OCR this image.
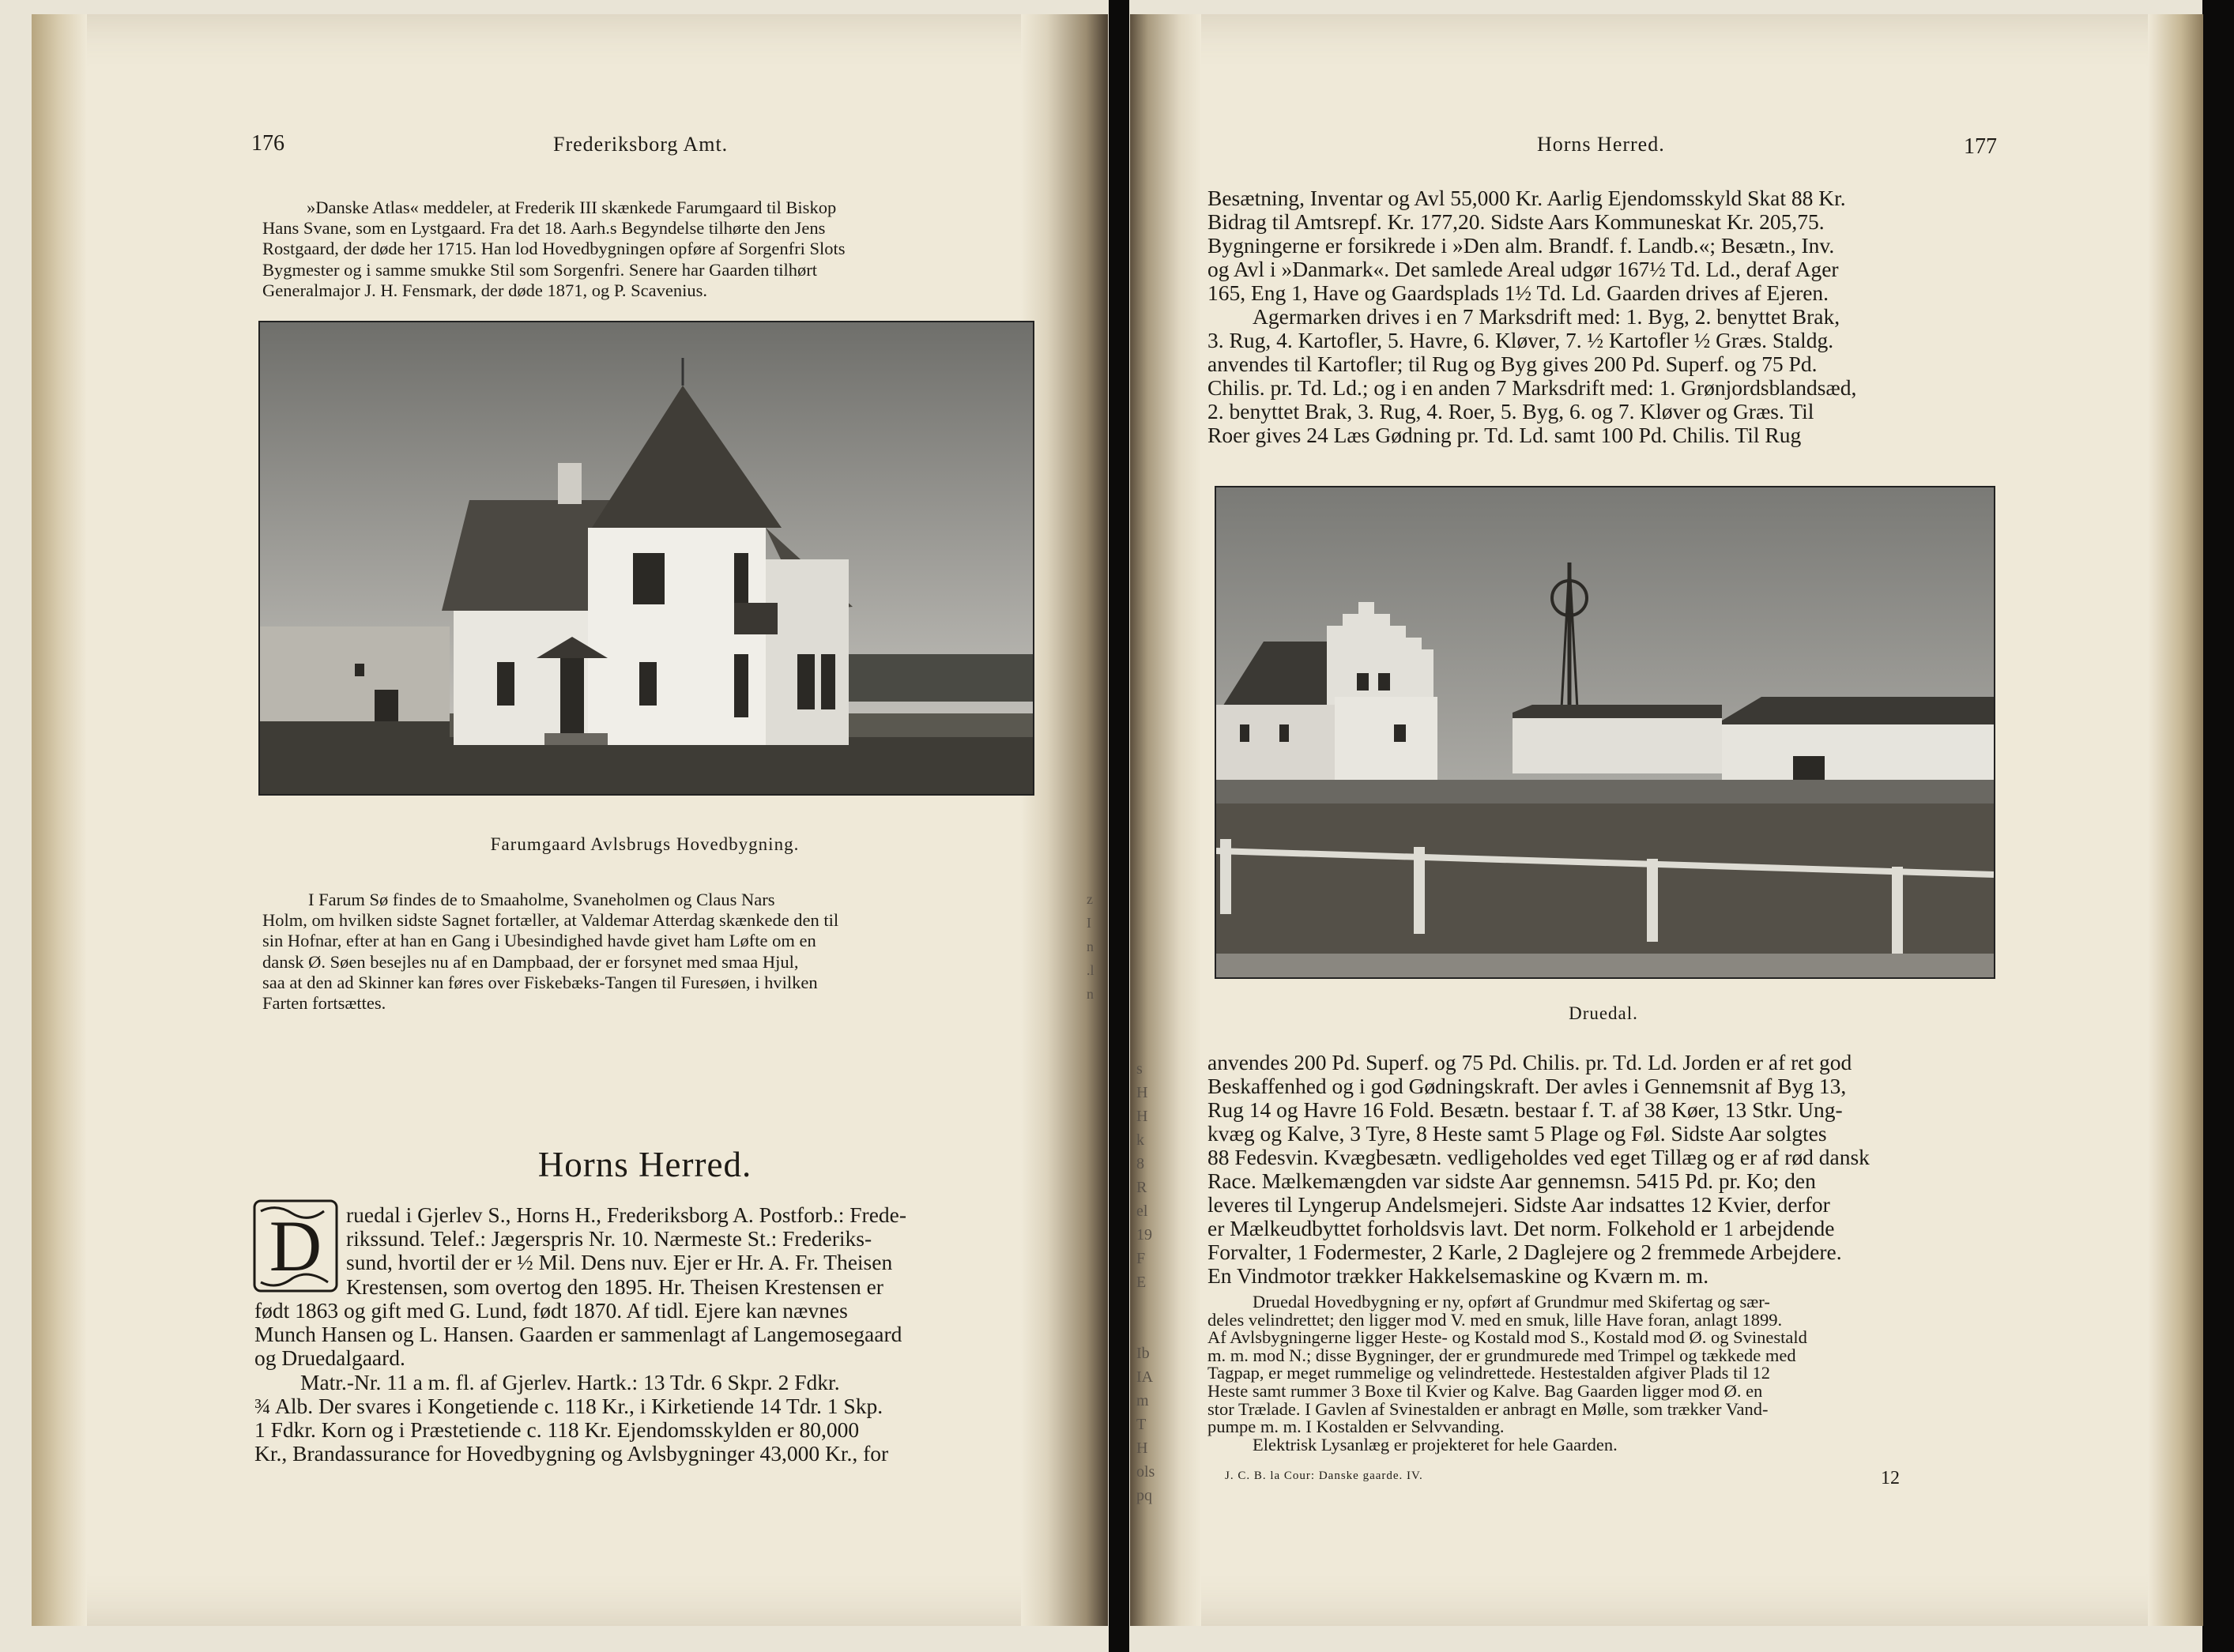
176	Frederiksborg Amt.
»Danske Atlas« meddeler, at Frederik III skænkede Farumgaard til Biskop
Hans Svane, som en Lystgaard. Fra det 18. Aarh.s Begyndelse tilhørte den Jens
Rostgaard, der døde her 1715. Han lod Hovedbygningen opføre af Sorgenfri Slots
Bygmester og i samme smukke Stil som Sorgenfri. Senere har Gaarden tilhørt
Generalmajor J. H. Fensmark, der døde 1871, og P. Scavenius.
Farumgaard Avlsbrugs Hovedbygning.
I Farum Sø findes de to Smaaholme, Svaneholmen og Claus Nars
Holm, om hvilken sidste Sagnet fortæller, at Valdemar Atterdag skænkede den til
sin Hofnar, efter at han en Gang i Ubesindighed havde givet ham Løfte om en
dansk Ø. Søen besejles nu af en Dampbaad, der er forsynet med smaa Hjul,
saa at den ad Skinner kan føres over Fiskebæks-Tangen til Furesøen, i hvilken
Farten fortsættes.
Horns Herred.
D ruedal i Gjerlev S., Horns H., Frederiksborg A. Postforb.: Frede-
rikssund. Telef.: Jægerspris Nr. 10. Nærmeste St.: Frederiks-
sund, hvortil der er ½ Mil. Dens nuv. Ejer er Hr. A. Fr. Theisen
Krestensen, som overtog den 1895. Hr. Theisen Krestensen er
født 1863 og gift med G. Lund, født 1870. Af tidl. Ejere kan nævnes
Munch Hansen og L. Hansen. Gaarden er sammenlagt af Langemosegaard
og Druedalgaard.
Matr.-Nr. 11 a m. fl. af Gjerlev. Hartk.: 13 Tdr. 6 Skpr. 2 Fdkr.
¾ Alb. Der svares i Kongetiende c. 118 Kr., i Kirketiende 14 Tdr. 1 Skp.
1 Fdkr. Korn og i Præstetiende c. 118 Kr. Ejendomsskylden er 80,000
Kr., Brandassurance for Hovedbygning og Avlsbygninger 43,000 Kr., for
z
I
n
.l
n
Horns Herred.	177
Besætning, Inventar og Avl 55,000 Kr. Aarlig Ejendomsskyld Skat 88 Kr.
Bidrag til Amtsrepf. Kr. 177,20. Sidste Aars Kommuneskat Kr. 205,75.
Bygningerne er forsikrede i »Den alm. Brandf. f. Landb.«; Besætn., Inv.
og Avl i »Danmark«. Det samlede Areal udgør 167½ Td. Ld., deraf Ager
165, Eng 1, Have og Gaardsplads 1½ Td. Ld. Gaarden drives af Ejeren.
Agermarken drives i en 7 Marksdrift med: 1. Byg, 2. benyttet Brak,
3. Rug, 4. Kartofler, 5. Havre, 6. Kløver, 7. ½ Kartofler ½ Græs. Staldg.
anvendes til Kartofler; til Rug og Byg gives 200 Pd. Superf. og 75 Pd.
Chilis. pr. Td. Ld.; og i en anden 7 Marksdrift med: 1. Grønjordsblandsæd,
2. benyttet Brak, 3. Rug, 4. Roer, 5. Byg, 6. og 7. Kløver og Græs. Til
Roer gives 24 Læs Gødning pr. Td. Ld. samt 100 Pd. Chilis. Til Rug
Druedal.
anvendes 200 Pd. Superf. og 75 Pd. Chilis. pr. Td. Ld. Jorden er af ret god
Beskaffenhed og i god Gødningskraft. Der avles i Gennemsnit af Byg 13,
Rug 14 og Havre 16 Fold. Besætn. bestaar f. T. af 38 Køer, 13 Stkr. Ung-
kvæg og Kalve, 3 Tyre, 8 Heste samt 5 Plage og Føl. Sidste Aar solgtes
88 Fedesvin. Kvægbesætn. vedligeholdes ved eget Tillæg og er af rød dansk
Race. Mælkemængden var sidste Aar gennemsn. 5415 Pd. pr. Ko; den
leveres til Lyngerup Andelsmejeri. Sidste Aar indsattes 12 Kvier, derfor
er Mælkeudbyttet forholdsvis lavt. Det norm. Folkehold er 1 arbejdende
Forvalter, 1 Fodermester, 2 Karle, 2 Daglejere og 2 fremmede Arbejdere.
En Vindmotor trækker Hakkelsemaskine og Kværn m. m.
Druedal Hovedbygning er ny, opført af Grundmur med Skifertag og sær-
deles velindrettet; den ligger mod V. med en smuk, lille Have foran, anlagt 1899.
Af Avlsbygningerne ligger Heste- og Kostald mod S., Kostald mod Ø. og Svinestald
m. m. mod N.; disse Bygninger, der er grundmurede med Trimpel og tækkede med
Tagpap, er meget rummelige og velindrettede. Hestestalden afgiver Plads til 12
Heste samt rummer 3 Boxe til Kvier og Kalve. Bag Gaarden ligger mod Ø. en
stor Trælade. I Gavlen af Svinestalden er anbragt en Mølle, som trækker Vand-
pumpe m. m. I Kostalden er Selvvanding.
Elektrisk Lysanlæg er projekteret for hele Gaarden.
J. C. B. la Cour: Danske gaarde. IV.	12
s
H
H
k
8
R
el
19
F
E

Ib
IA
m
T
H
ols
pq
